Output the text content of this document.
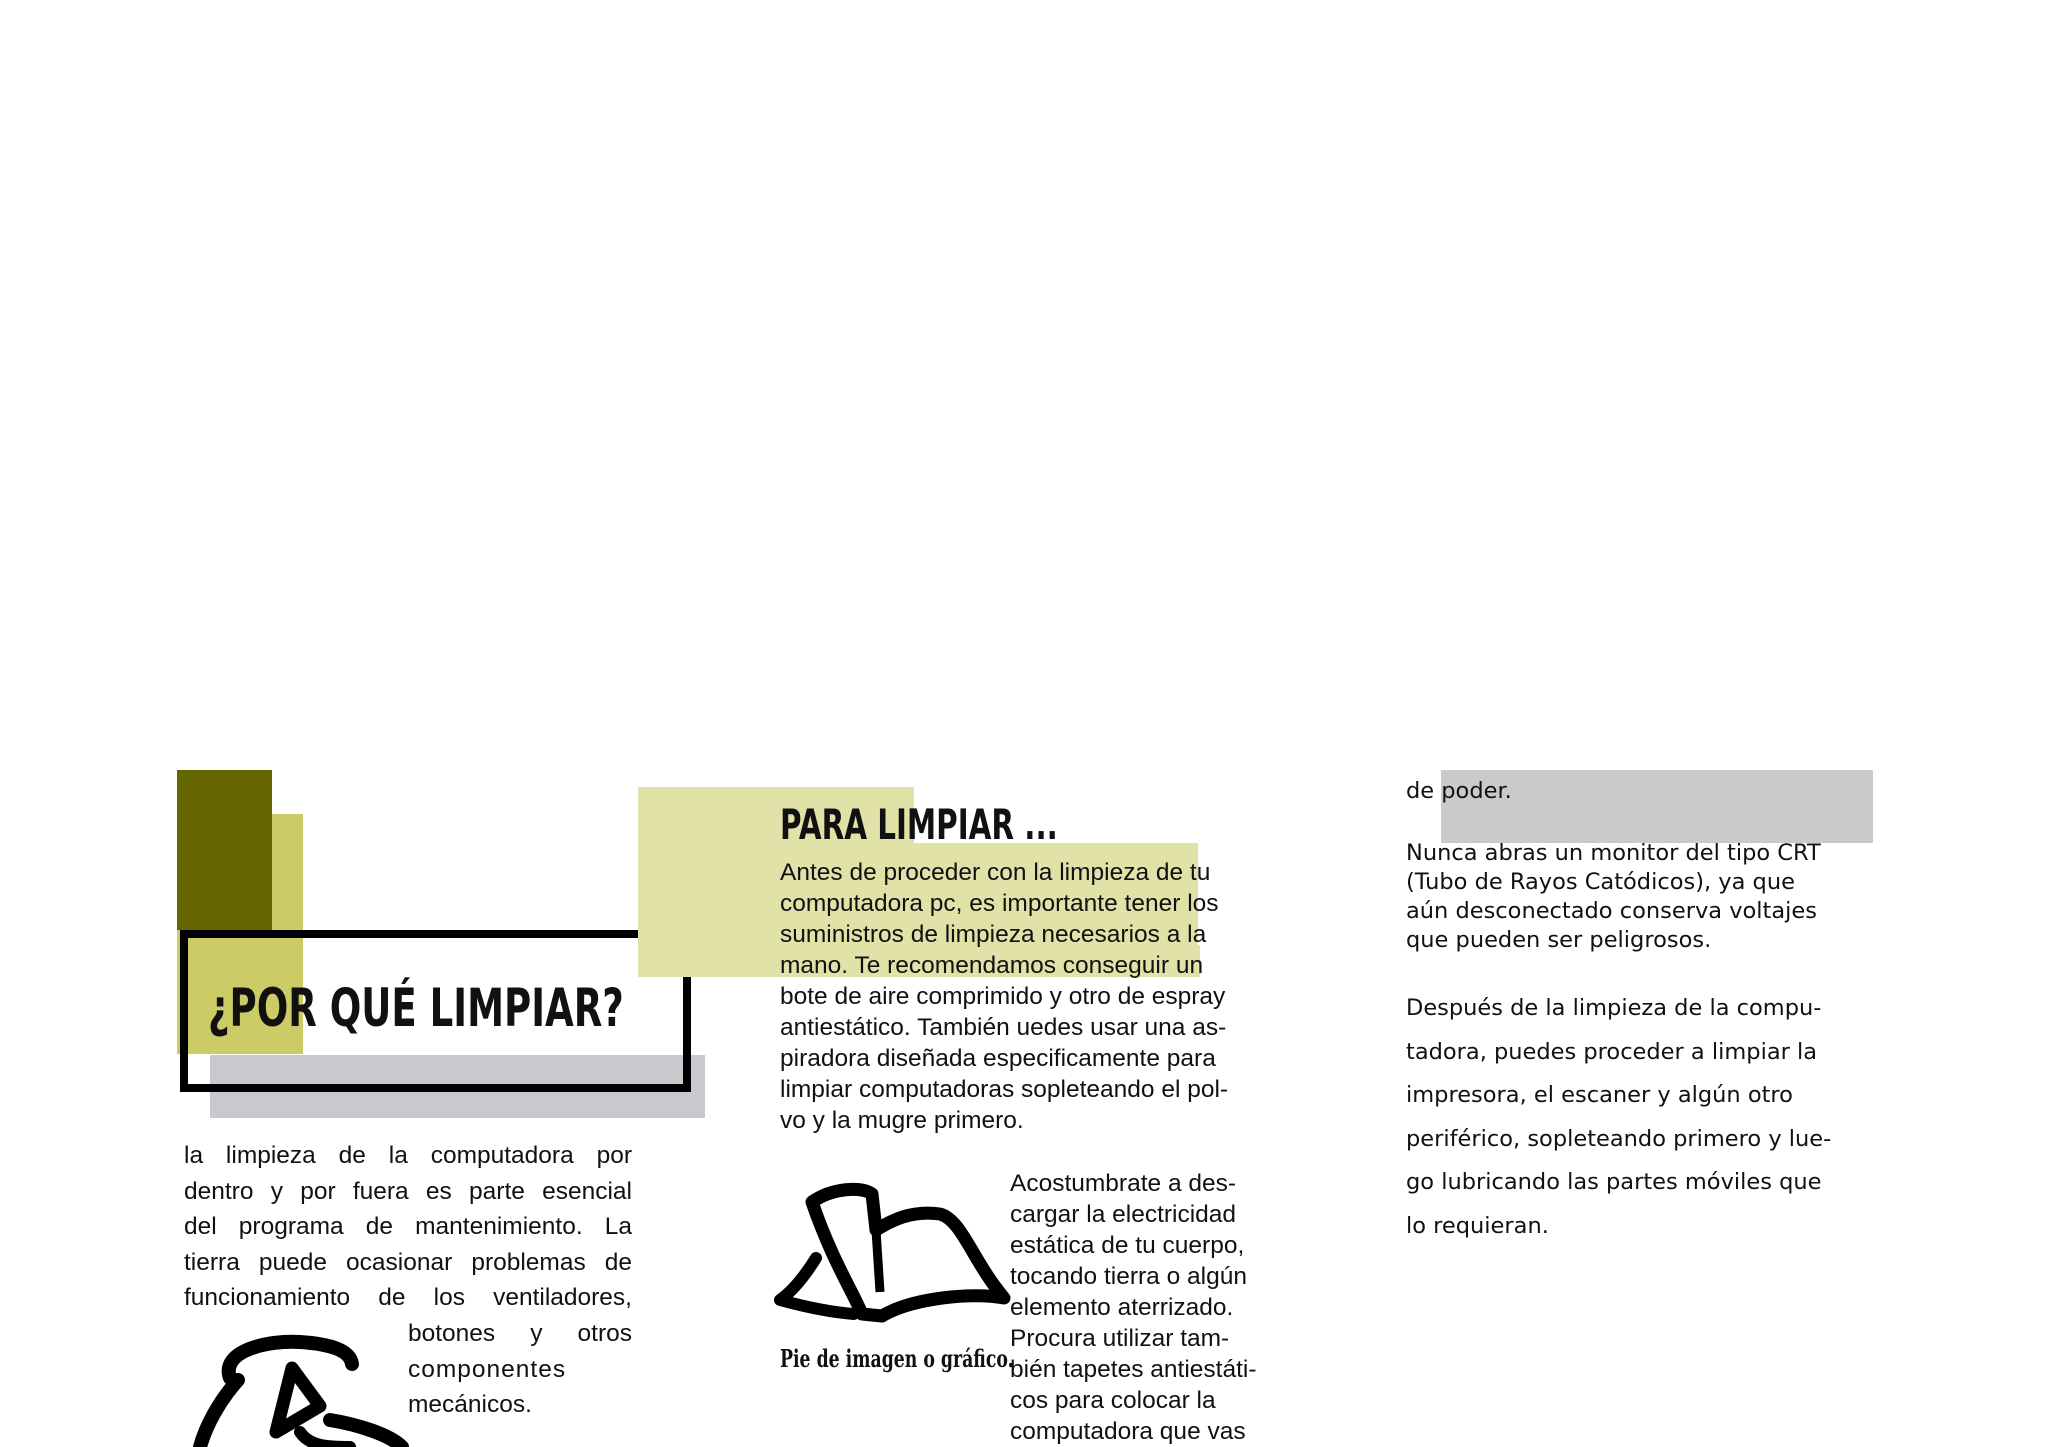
¿POR QUÉ LIMPIAR?
la limpieza de la computadora por
dentro y por fuera es parte esencial
del programa de mantenimiento. La
tierra puede ocasionar problemas de
funcionamiento de los ventiladores,
botones y otros
componentes
mecánicos.
PARA LIMPIAR ...
Antes de proceder con la limpieza de tu
computadora pc, es importante tener los
suministros de limpieza necesarios a la
mano. Te recomendamos conseguir un
bote de aire comprimido y otro de espray
antiestático. También uedes usar una as-
piradora diseñada especificamente para
limpiar computadoras sopleteando el pol-
vo y la mugre primero.
Pie de imagen o gráfico.
Acostumbrate a des-
cargar la electricidad
estática de tu cuerpo,
tocando tierra o algún
elemento aterrizado.
Procura utilizar tam-
bién tapetes antiestáti-
cos para colocar la
computadora que vas
de poder.
Nunca abras un monitor del tipo CRT
(Tubo de Rayos Catódicos), ya que
aún desconectado conserva voltajes
que pueden ser peligrosos.
Después de la limpieza de la compu-
tadora, puedes proceder a limpiar la
impresora, el escaner y algún otro
periférico, sopleteando primero y lue-
go lubricando las partes móviles que
lo requieran.
